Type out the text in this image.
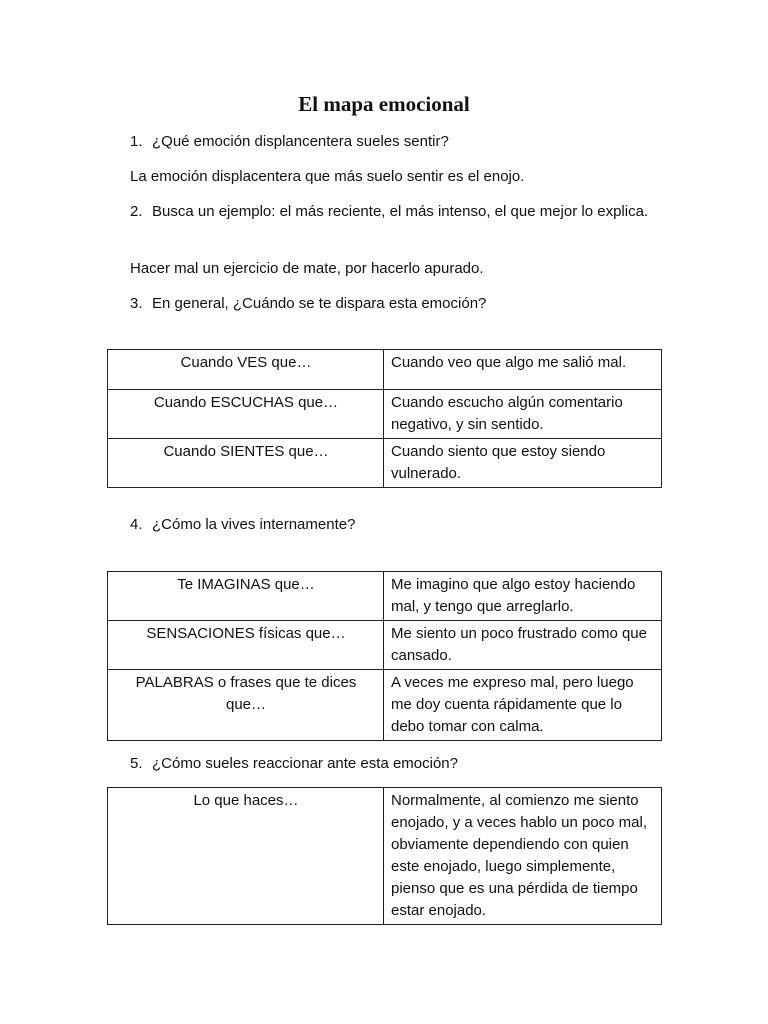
El mapa emocional
1. ¿Qué emoción displancentera sueles sentir?
La emoción displacentera que más suelo sentir es el enojo.
2. Busca un ejemplo: el más reciente, el más intenso, el que mejor lo explica.
Hacer mal un ejercicio de mate, por hacerlo apurado.
3. En general, ¿Cuándo se te dispara esta emoción?
Cuando VES que…	Cuando veo que algo me salió mal.
Cuando ESCUCHAS que…	Cuando escucho algún comentario negativo, y sin sentido.
Cuando SIENTES que…	Cuando siento que estoy siendo vulnerado.
4. ¿Cómo la vives internamente?
Te IMAGINAS que…	Me imagino que algo estoy haciendo mal, y tengo que arreglarlo.
SENSACIONES físicas que…	Me siento un poco frustrado como que cansado.
PALABRAS o frases que te dices que…	A veces me expreso mal, pero luego me doy cuenta rápidamente que lo debo tomar con calma.
5. ¿Cómo sueles reaccionar ante esta emoción?
Lo que haces…	Normalmente, al comienzo me siento enojado, y a veces hablo un poco mal, obviamente dependiendo con quien este enojado, luego simplemente, pienso que es una pérdida de tiempo estar enojado.
